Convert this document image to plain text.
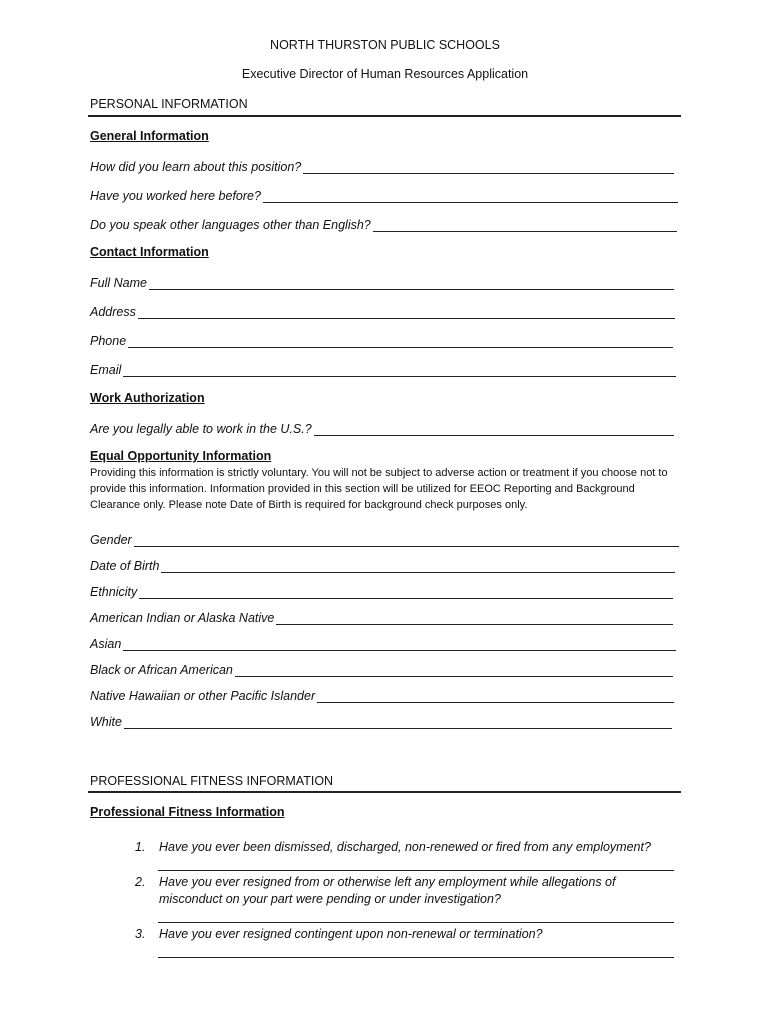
NORTH THURSTON PUBLIC SCHOOLS
Executive Director of Human Resources Application
PERSONAL INFORMATION
General Information
How did you learn about this position?
Have you worked here before?
Do you speak other languages other than English?
Contact Information
Full Name
Address
Phone
Email
Work Authorization
Are you legally able to work in the U.S.?
Equal Opportunity Information
Providing this information is strictly voluntary. You will not be subject to adverse action or treatment if you choose not to provide this information. Information provided in this section will be utilized for EEOC Reporting and Background Clearance only. Please note Date of Birth is required for background check purposes only.
Gender
Date of Birth
Ethnicity
American Indian or Alaska Native
Asian
Black or African American
Native Hawaiian or other Pacific Islander
White
PROFESSIONAL FITNESS INFORMATION
Professional Fitness Information
1.	Have you ever been dismissed, discharged, non-renewed or fired from any employment?
2.	Have you ever resigned from or otherwise left any employment while allegations of misconduct on your part were pending or under investigation?
3.	Have you ever resigned contingent upon non-renewal or termination?
